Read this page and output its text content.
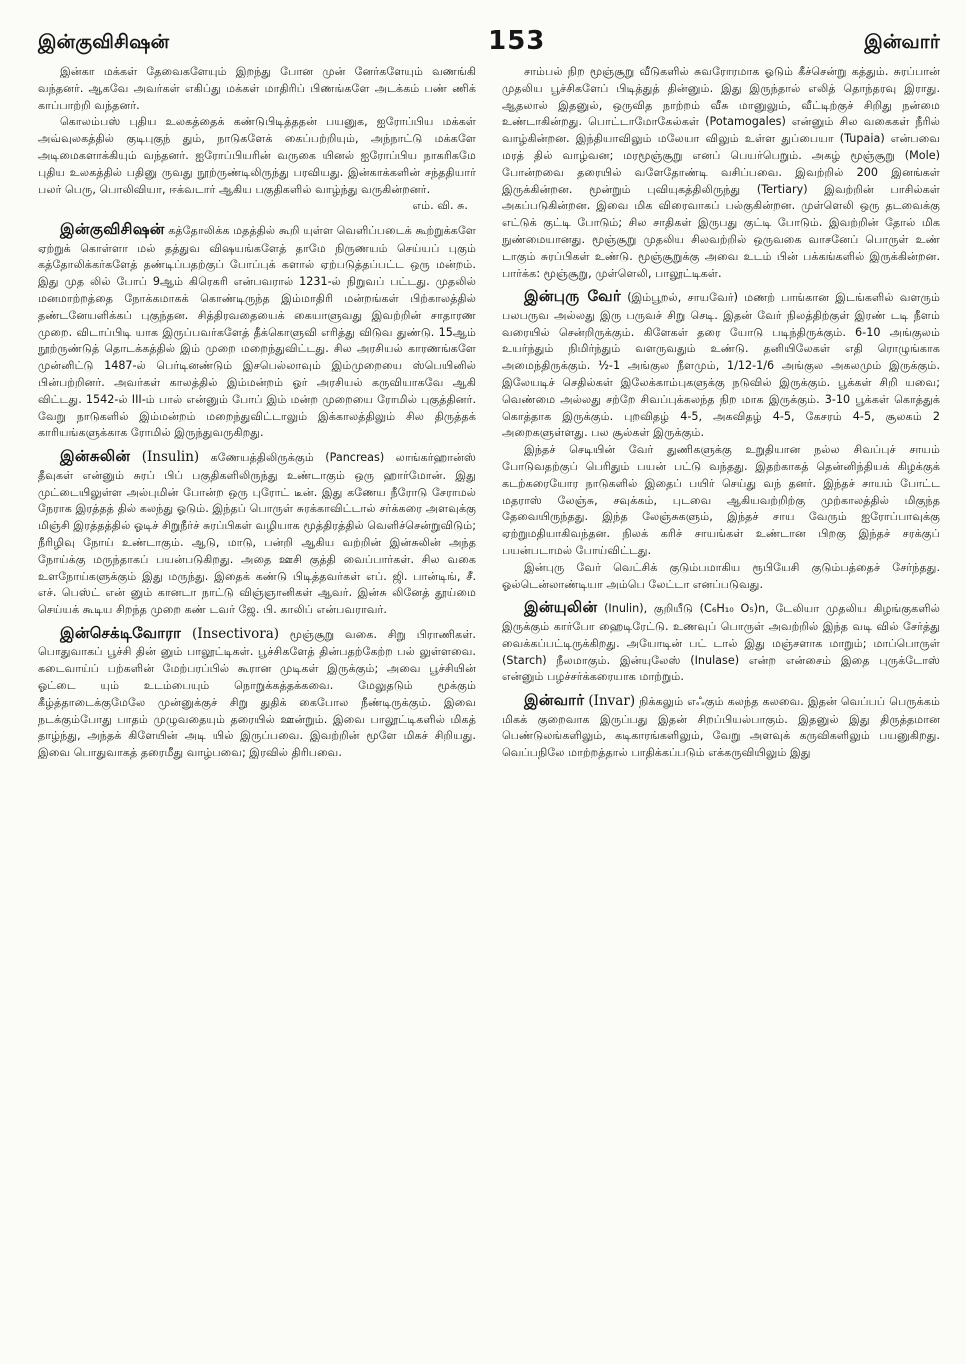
இன்குவிசிஷன்	153	இன்வார்

இன்கா மக்கள் தேவைகளேயும் இறந்து போன முன் னேர்களேயும் வணங்கி வந்தனர். ஆகவே அவர்கள் எகிப்து மக்கள் மாதிரிப் பிணங்களே அடக்கம் பண் ணிக் காப்பாற்றி வந்தனர்.

கொலம்பஸ் புதிய உலகத்தைக் கண்டுபிடித்ததன் பயனுக, ஐரோப்பிய மக்கள் அவ்வுலகத்தில் குடிபுகுந் தும், நாடுகளேக் கைப்பற்றியும், அந்நாட்டு மக்களே அடிமைகளாக்கியும் வந்தனர். ஐரோப்பியரின் வருகை யினல் ஐரோப்பிய நாகரிகமே புதிய உலகத்தில் பதினு ருவது நூற்ருண்டிலிருந்து பரவியது. இன்காக்களின் சந்ததியார் பலர் பெரு, பொலிவியா, ஈக்வடார் ஆகிய பகுதிகளில் வாழ்ந்து வருகின்றனர்.

எம். வி. சு.

இன்குவிசிஷன் கத்தோலிக்க மதத்தில் கூறி யுள்ள வெளிப்படைக் கூற்றுக்களே ஏற்றுக் கொள்ளா மல் தத்துவ விஷயங்களேத் தாமே நிருணயம் செய்யப் புகும் கத்தோலிக்கர்களேத் தண்டிப்பதற்குப் போப்புக் களால் ஏற்படுத்தப்பட்ட ஒரு மன்றம். இது முத லில் போப் 9ஆம் கிரெகரி என்பவரால் 1231-ல் நிறுவப் பட்டது. முதலில் மனமாற்றத்தை நோக்கமாகக் கொண்டிருந்த இம்மாதிரி மன்றங்கள் பிற்காலத்தில் தண்டனேயளிக்கப் புகுந்தன. சித்திரவதையைக் கையாளுவது இவற்றின் சாதாரண முறை. விடாப்பிடி யாக இருப்பவர்களேத் தீக்கொளுவி எரித்து விடுவ துண்டு. 15ஆம் நூற்ருண்டுத் தொடக்கத்தில் இம் முறை மறைந்துவிட்டது. சில அரசியல் காரணங்களே முன்னிட்டு 1487-ல் பெர்டினண்டும் இசபெல்லாவும் இம்முறையை ஸ்பெயினில் பின்பற்றினர். அவர்கள் காலத்தில் இம்மன்றம் ஓர் அரசியல் கருவியாகவே ஆகி விட்டது. 1542-ல் III-ம் பால் என்னும் போப் இம் மன்ற முறையை ரோமில் புகுத்தினர். வேறு நாடுகளில் இம்மன்றம் மறைந்துவிட்டாலும் இக்காலத்திலும் சில திருத்தக் காரியங்களுக்காக ரோமில் இருந்துவருகிறது.

இன்சுலின் (Insulin) கணேயத்திலிருக்கும் (Pancreas) லாங்கர்ஹான்ஸ் தீவுகள் என்னும் சுரப் பிப் பகுதிகளிலிருந்து உண்டாகும் ஒரு ஹார்மோன். இது முட்டையிலுள்ள அல்புமின் போன்ற ஒரு புரோட் டீன். இது கணேய நீரோடு சேராமல் நேராக இரத்தத் தில் கலந்து ஓடும். இந்தப் பொருள் சுரக்காவிட்டால் சர்க்கரை அளவுக்கு மிஞ்சி இரத்தத்தில் ஓடிச் சிறுநீர்ச் சுரப்பிகள் வழியாக மூத்திரத்தில் வெளிச்சென்றுவிடும்; நீரிழிவு நோய் உண்டாகும். ஆடு, மாடு, பன்றி ஆகிய வற்றின் இன்சுலின் அந்த நோய்க்கு மருந்தாகப் பயன்படுகிறது. அதை ஊசி குத்தி வைப்பார்கள். சில வகை உளநோய்களுக்கும் இது மருந்து. இதைக் கண்டு பிடித்தவர்கள் எப். ஜி. பான்டிங், சீ. எச். பெஸ்ட் என் னும் கானடா நாட்டு விஞ்ஞானிகள் ஆவர். இன்சு லினேத் தூய்மை செய்யக் கூடிய சிறந்த முறை கண் டவர் ஜே. பி. காலிப் என்பவராவர்.

இன்செக்டிவோரா (Insectivora) மூஞ்சூறு வகை. சிறு பிராணிகள். பொதுவாகப் பூச்சி தின் னும் பாலூட்டிகள். பூச்சிகளேத் தின்பதற்கேற்ற பல் லுள்ளவை. கடைவாய்ப் பற்களின் மேற்பரப்பில் கூரான முடிகள் இருக்கும்; அவை பூச்சியின் ஓட்டை யும் உடம்பையும் நொறுக்கத்தக்கவை. மேலுதடும் மூக்கும் கீழ்த்தாடைக்குமேலே முன்னுக்குச் சிறு துதிக் கைபோல நீண்டிருக்கும். இவை நடக்கும்போது பாதம் முழுவதையும் தரையில் ஊன்றும். இவை பாலூட்டிகளில் மிகத் தாழ்ந்து, அந்தக் கிளேயின் அடி யில் இருப்பவை. இவற்றின் மூளே மிகச் சிறியது. இவை பொதுவாகத் தரைமீது வாழ்பவை; இரவில் திரிபவை.

சாம்பல் நிற மூஞ்சூறு வீடுகளில் சுவரோரமாக ஓடும் கீச்சென்று கத்தும். சுரப்பான் முதலிய பூச்சிகளேப் பிடித்துத் தின்னும். இது இருந்தால் எலித் தொந்தரவு இராது. ஆதலால் இதனுல், ஒருவித நாற்றம் வீசு மானுலும், வீட்டிற்குச் சிறிது நன்மை உண்டாகின்றது. பொட்டாமோகேல்கள் (Potamogales) என்னும் சில வகைகள் நீரில் வாழ்கின்றன. இந்தியாவிலும் மலேயா விலும் உள்ள துப்பையா (Tupaia) என்பவை மரத் தில் வாழ்வன; மரமூஞ்சூறு எனப் பெயர்பெறும். அகழ் மூஞ்சூறு (Mole) போன்றவை தரையில் வளேதோண்டி வசிப்பவை. இவற்றில் 200 இனங்கள் இருக்கின்றன. மூன்றும் புவியுகத்திலிருந்து (Tertiary) இவற்றின் பாசில்கள் அகப்படுகின்றன. இவை மிக விரைவாகப் பல்குகின்றன. முள்ளெலி ஒரு தடவைக்கு எட்டுக் குட்டி போடும்; சில சாதிகள் இருபது குட்டி போடும். இவற்றின் தோல் மிக நுண்மையானது. மூஞ்சூறு முதலிய சிலவற்றில் ஒருவகை வாசனேப் பொருள் உண் டாகும் சுரப்பிகள் உண்டு. மூஞ்சூறுக்கு அவை உடம் பின் பக்கங்களில் இருக்கின்றன. பார்க்க: மூஞ்சூறு, முள்ளெலி, பாலூட்டிகள்.

இன்புரு வேர் (இம்பூறல், சாயவேர்) மணற் பாங்கான இடங்களில் வளரும் பலபருவ அல்லது இரு பருவச் சிறு செடி. இதன் வேர் நிலத்திற்குள் இரண் டடி நீளம் வரையில் சென்றிருக்கும். கிளேகள் தரை யோடு படிந்திருக்கும். 6-10 அங்குலம் உயர்ந்தும் நிமிர்ந்தும் வளருவதும் உண்டு. தனியிலேகள் எதி ரொழுங்காக அமைந்திருக்கும். ½-1 அங்குல நீளமும், 1/12-1/6 அங்குல அகலமும் இருக்கும். இலேயடிச் செதில்கள் இலேக்காம்புகளுக்கு நடுவில் இருக்கும். பூக்கள் சிறி யவை; வெண்மை அல்லது சற்றே சிவப்புக்கலந்த நிற மாக இருக்கும். 3-10 பூக்கள் கொத்துக் கொத்தாக இருக்கும். புறவிதழ் 4-5, அகவிதழ் 4-5, கேசரம் 4-5, சூலகம் 2 அறைகளுள்ளது. பல சூல்கள் இருக்கும்.

இந்தச் செடியின் வேர் துணிகளுக்கு உறுதியான நல்ல சிவப்புச் சாயம் போடுவதற்குப் பெரிதும் பயன் பட்டு வந்தது. இதற்காகத் தென்னிந்தியக் கிழக்குக் கடற்கரையோர நாடுகளில் இதைப் பயிர் செய்து வந் தனர். இந்தச் சாயம் போட்ட மதராஸ் லேஞ்சு, சவுக்கம், புடவை ஆகியவற்றிற்கு முற்காலத்தில் மிகுந்த தேவையிருந்தது. இந்த லேஞ்சுகளும், இந்தச் சாய வேரும் ஐரோப்பாவுக்கு ஏற்றுமதியாகிவந்தன. நிலக் கரிச் சாயங்கள் உண்டான பிறகு இந்தச் சரக்குப் பயன்படாமல் போய்விட்டது.

இன்புரு வேர் வெட்சிக் குடும்பமாகிய ரூபியேசி குடும்பத்தைச் சேர்ந்தது. ஓல்டென்லாண்டியா அம்பெ லேட்டா எனப்படுவது.

இன்யுலின் (Inulin), குறியீடு (C₆H₁₀ O₅)n, டேலியா முதலிய கிழங்குகளில் இருக்கும் கார்போ ஹைடிரேட்டு. உணவுப் பொருள் அவற்றில் இந்த வடி வில் சேர்த்து வைக்கப்பட்டிருக்கிறது. அயோடின் பட் டால் இது மஞ்சளாக மாறும்; மாப்பொருள் (Starch) நீலமாகும். இன்யுலேஸ் (Inulase) என்ற என்சைம் இதை புருக்டோஸ் என்னும் பழச்சர்க்கரையாக மாற்றும்.

இன்வார் (Invar) நிக்கலும் எஃகும் கலந்த கலவை. இதன் வெப்பப் பெருக்கம் மிகக் குறைவாக இருப்பது இதன் சிறப்பியல்பாகும். இதனுல் இது திருத்தமான பெண்டுலங்களிலும், கடிகாரங்களிலும், வேறு அளவுக் கருவிகளிலும் பயனுகிறது. வெப்பநிலே மாற்றத்தால் பாதிக்கப்படும் எக்கருவியிலும் இது
